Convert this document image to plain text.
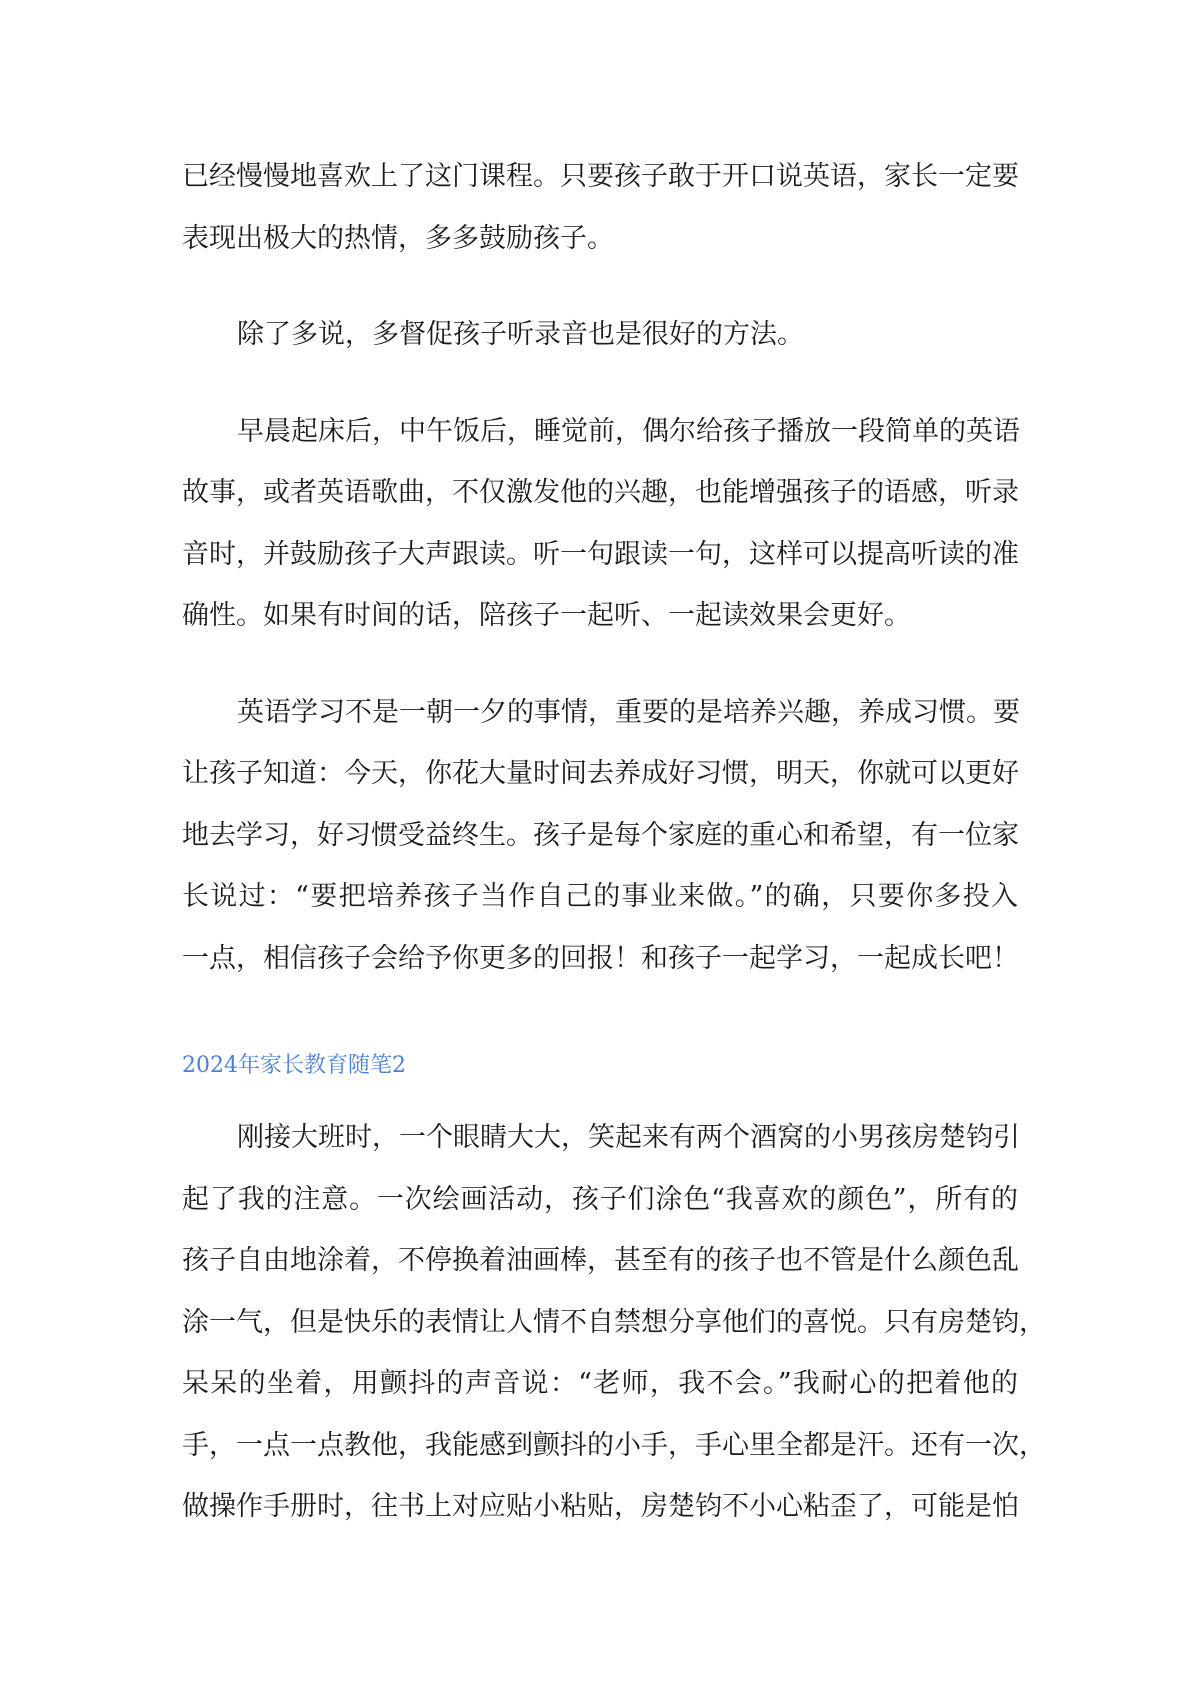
已经慢慢地喜欢上了这门课程。只要孩子敢于开口说英语，家长一定要
表现出极大的热情，多多鼓励孩子。
除了多说，多督促孩子听录音也是很好的方法。
早晨起床后，中午饭后，睡觉前，偶尔给孩子播放一段简单的英语
故事，或者英语歌曲，不仅激发他的兴趣，也能增强孩子的语感，听录
音时，并鼓励孩子大声跟读。听一句跟读一句，这样可以提高听读的准
确性。如果有时间的话，陪孩子一起听、一起读效果会更好。
英语学习不是一朝一夕的事情，重要的是培养兴趣，养成习惯。要
让孩子知道：今天，你花大量时间去养成好习惯，明天，你就可以更好
地去学习，好习惯受益终生。孩子是每个家庭的重心和希望，有一位家
长说过：“要把培养孩子当作自己的事业来做。”的确，只要你多投入
一点，相信孩子会给予你更多的回报！和孩子一起学习，一起成长吧！
2024年家长教育随笔2
刚接大班时，一个眼睛大大，笑起来有两个酒窝的小男孩房楚钧引
起了我的注意。一次绘画活动，孩子们涂色“我喜欢的颜色”，所有的
孩子自由地涂着，不停换着油画棒，甚至有的孩子也不管是什么颜色乱
涂一气，但是快乐的表情让人情不自禁想分享他们的喜悦。只有房楚钧，
呆呆的坐着，用颤抖的声音说：“老师，我不会。”我耐心的把着他的
手，一点一点教他，我能感到颤抖的小手，手心里全都是汗。还有一次，
做操作手册时，往书上对应贴小粘贴，房楚钧不小心粘歪了，可能是怕
